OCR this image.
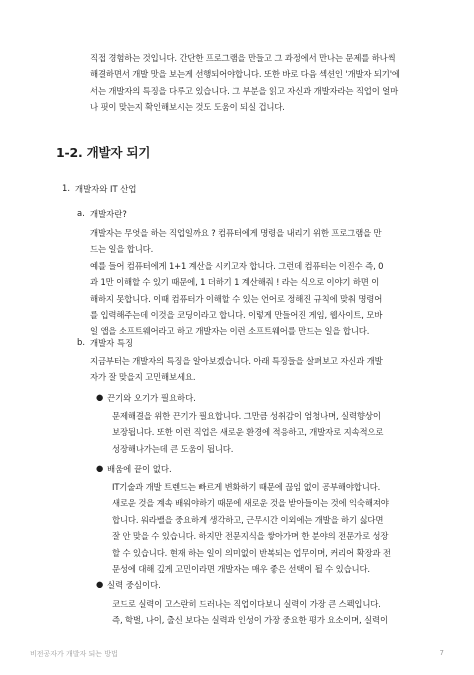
직접 경험하는 것입니다. 간단한 프로그램을 만들고 그 과정에서 만나는 문제를 하나씩
해결하면서 개발 맛을 보는게 선행되어야합니다. 또한 바로 다음 섹션인 '개발자 되기'에
서는 개발자의 특징을 다루고 있습니다. 그 부분을 읽고 자신과 개발자라는 직업이 얼마
나 핏이 맞는지 확인해보시는 것도 도움이 되실 겁니다.
1-2. 개발자 되기
1. 개발자와 IT 산업
a. 개발자란?
개발자는 무엇을 하는 직업일까요 ? 컴퓨터에게 명령을 내리기 위한 프로그램을 만
드는 일을 합니다.
예를 들어 컴퓨터에게 1+1 계산을 시키고자 합니다. 그런데 컴퓨터는 이진수 즉, 0
과 1만 이해할 수 있기 때문에, 1 더하기 1 계산해줘 ! 라는 식으로 이야기 하면 이
해하지 못합니다. 이때 컴퓨터가 이해할 수 있는 언어로 정해진 규칙에 맞춰 명령어
를 입력해주는데 이것을 코딩이라고 합니다. 이렇게 만들어진 게임, 웹사이트, 모바
일 앱을 소프트웨어라고 하고 개발자는 이런 소프트웨어를 만드는 일을 합니다.
b. 개발자 특징
지금부터는 개발자의 특징을 알아보겠습니다. 아래 특징들을 살펴보고 자신과 개발
자가 잘 맞을지 고민해보세요.
● 끈기와 오기가 필요하다.
문제해결을 위한 끈기가 필요합니다. 그만큼 성취감이 엄청나며, 실력향상이
보장됩니다. 또한 이런 직업은 새로운 환경에 적응하고, 개발자로 지속적으로
성장해나가는데 큰 도움이 됩니다.
● 배움에 끝이 없다.
IT기술과 개발 트렌드는 빠르게 변화하기 때문에 끊임 없이 공부해야합니다.
새로운 것을 계속 배워야하기 때문에 새로운 것을 받아들이는 것에 익숙해져야
합니다. 워라밸을 중요하게 생각하고, 근무시간 이외에는 개발을 하기 싫다면
잘 안 맞을 수 있습니다. 하지만 전문지식을 쌓아가며 한 분야의 전문가로 성장
할 수 있습니다. 현재 하는 일이 의미없이 반복되는 업무이며, 커리어 확장과 전
문성에 대해 깊게 고민이라면 개발자는 매우 좋은 선택이 될 수 있습니다.
● 실력 중심이다.
코드로 실력이 고스란히 드러나는 직업이다보니 실력이 가장 큰 스펙입니다.
즉, 학벌, 나이, 출신 보다는 실력과 인성이 가장 중요한 평가 요소이며, 실력이
비전공자가 개발자 되는 방법	7
